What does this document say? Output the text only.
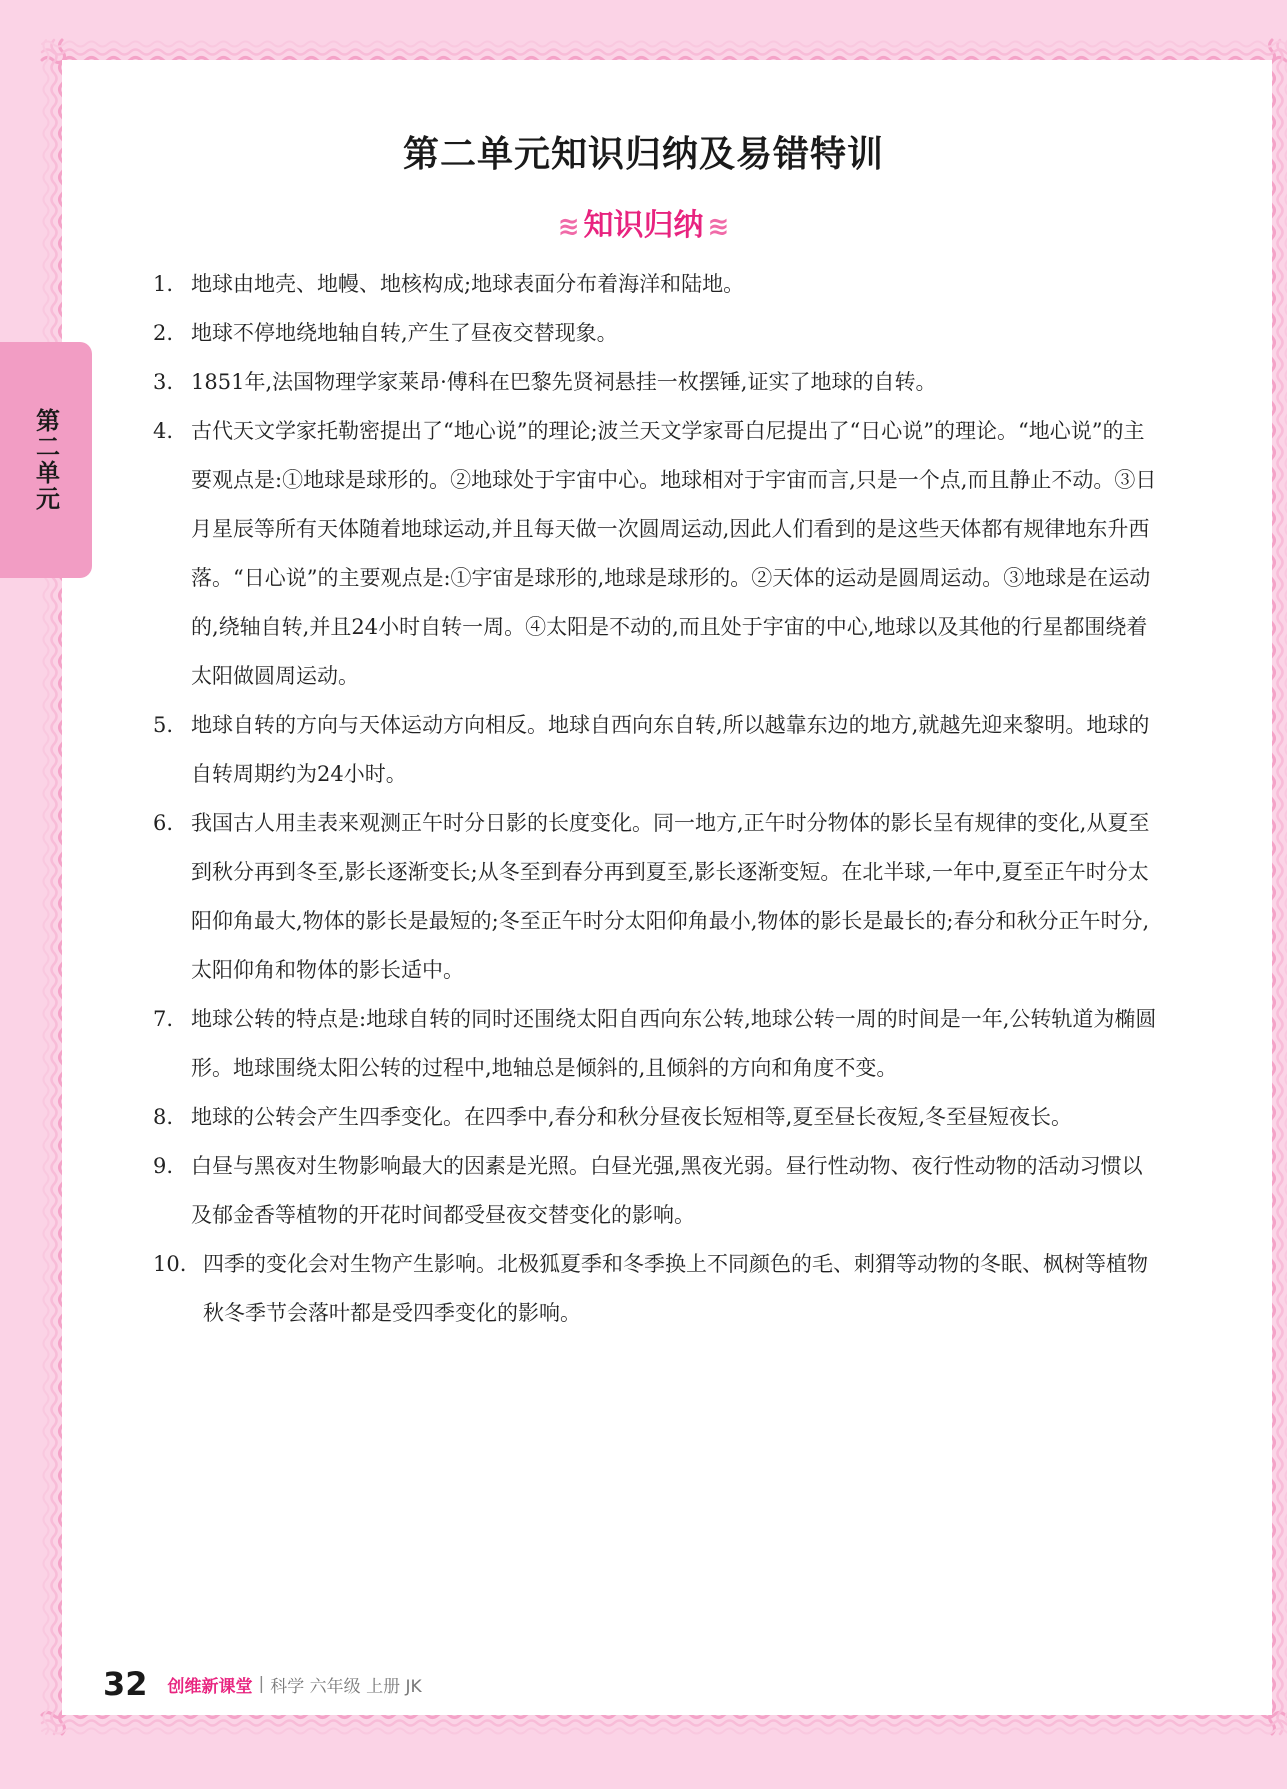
第二单元
第二单元知识归纳及易错特训
≋ 知识归纳 ≋

1. 地球由地壳、地幔、地核构成;地球表面分布着海洋和陆地。

2. 地球不停地绕地轴自转,产生了昼夜交替现象。

3. 1851年,法国物理学家莱昂·傅科在巴黎先贤祠悬挂一枚摆锤,证实了地球的自转。

4. 古代天文学家托勒密提出了“地心说”的理论;波兰天文学家哥白尼提出了“日心说”的理论。“地心说”的主要观点是:①地球是球形的。②地球处于宇宙中心。地球相对于宇宙而言,只是一个点,而且静止不动。③日月星辰等所有天体随着地球运动,并且每天做一次圆周运动,因此人们看到的是这些天体都有规律地东升西落。“日心说”的主要观点是:①宇宙是球形的,地球是球形的。②天体的运动是圆周运动。③地球是在运动的,绕轴自转,并且24小时自转一周。④太阳是不动的,而且处于宇宙的中心,地球以及其他的行星都围绕着太阳做圆周运动。

5. 地球自转的方向与天体运动方向相反。地球自西向东自转,所以越靠东边的地方,就越先迎来黎明。地球的自转周期约为24小时。

6. 我国古人用圭表来观测正午时分日影的长度变化。同一地方,正午时分物体的影长呈有规律的变化,从夏至到秋分再到冬至,影长逐渐变长;从冬至到春分再到夏至,影长逐渐变短。在北半球,一年中,夏至正午时分太阳仰角最大,物体的影长是最短的;冬至正午时分太阳仰角最小,物体的影长是最长的;春分和秋分正午时分,太阳仰角和物体的影长适中。

7. 地球公转的特点是:地球自转的同时还围绕太阳自西向东公转,地球公转一周的时间是一年,公转轨道为椭圆形。地球围绕太阳公转的过程中,地轴总是倾斜的,且倾斜的方向和角度不变。

8. 地球的公转会产生四季变化。在四季中,春分和秋分昼夜长短相等,夏至昼长夜短,冬至昼短夜长。

9. 白昼与黑夜对生物影响最大的因素是光照。白昼光强,黑夜光弱。昼行性动物、夜行性动物的活动习惯以及郁金香等植物的开花时间都受昼夜交替变化的影响。

10. 四季的变化会对生物产生影响。北极狐夏季和冬季换上不同颜色的毛、刺猬等动物的冬眠、枫树等植物秋冬季节会落叶都是受四季变化的影响。

32 创维新课堂 | 科学 六年级 上册 JK
